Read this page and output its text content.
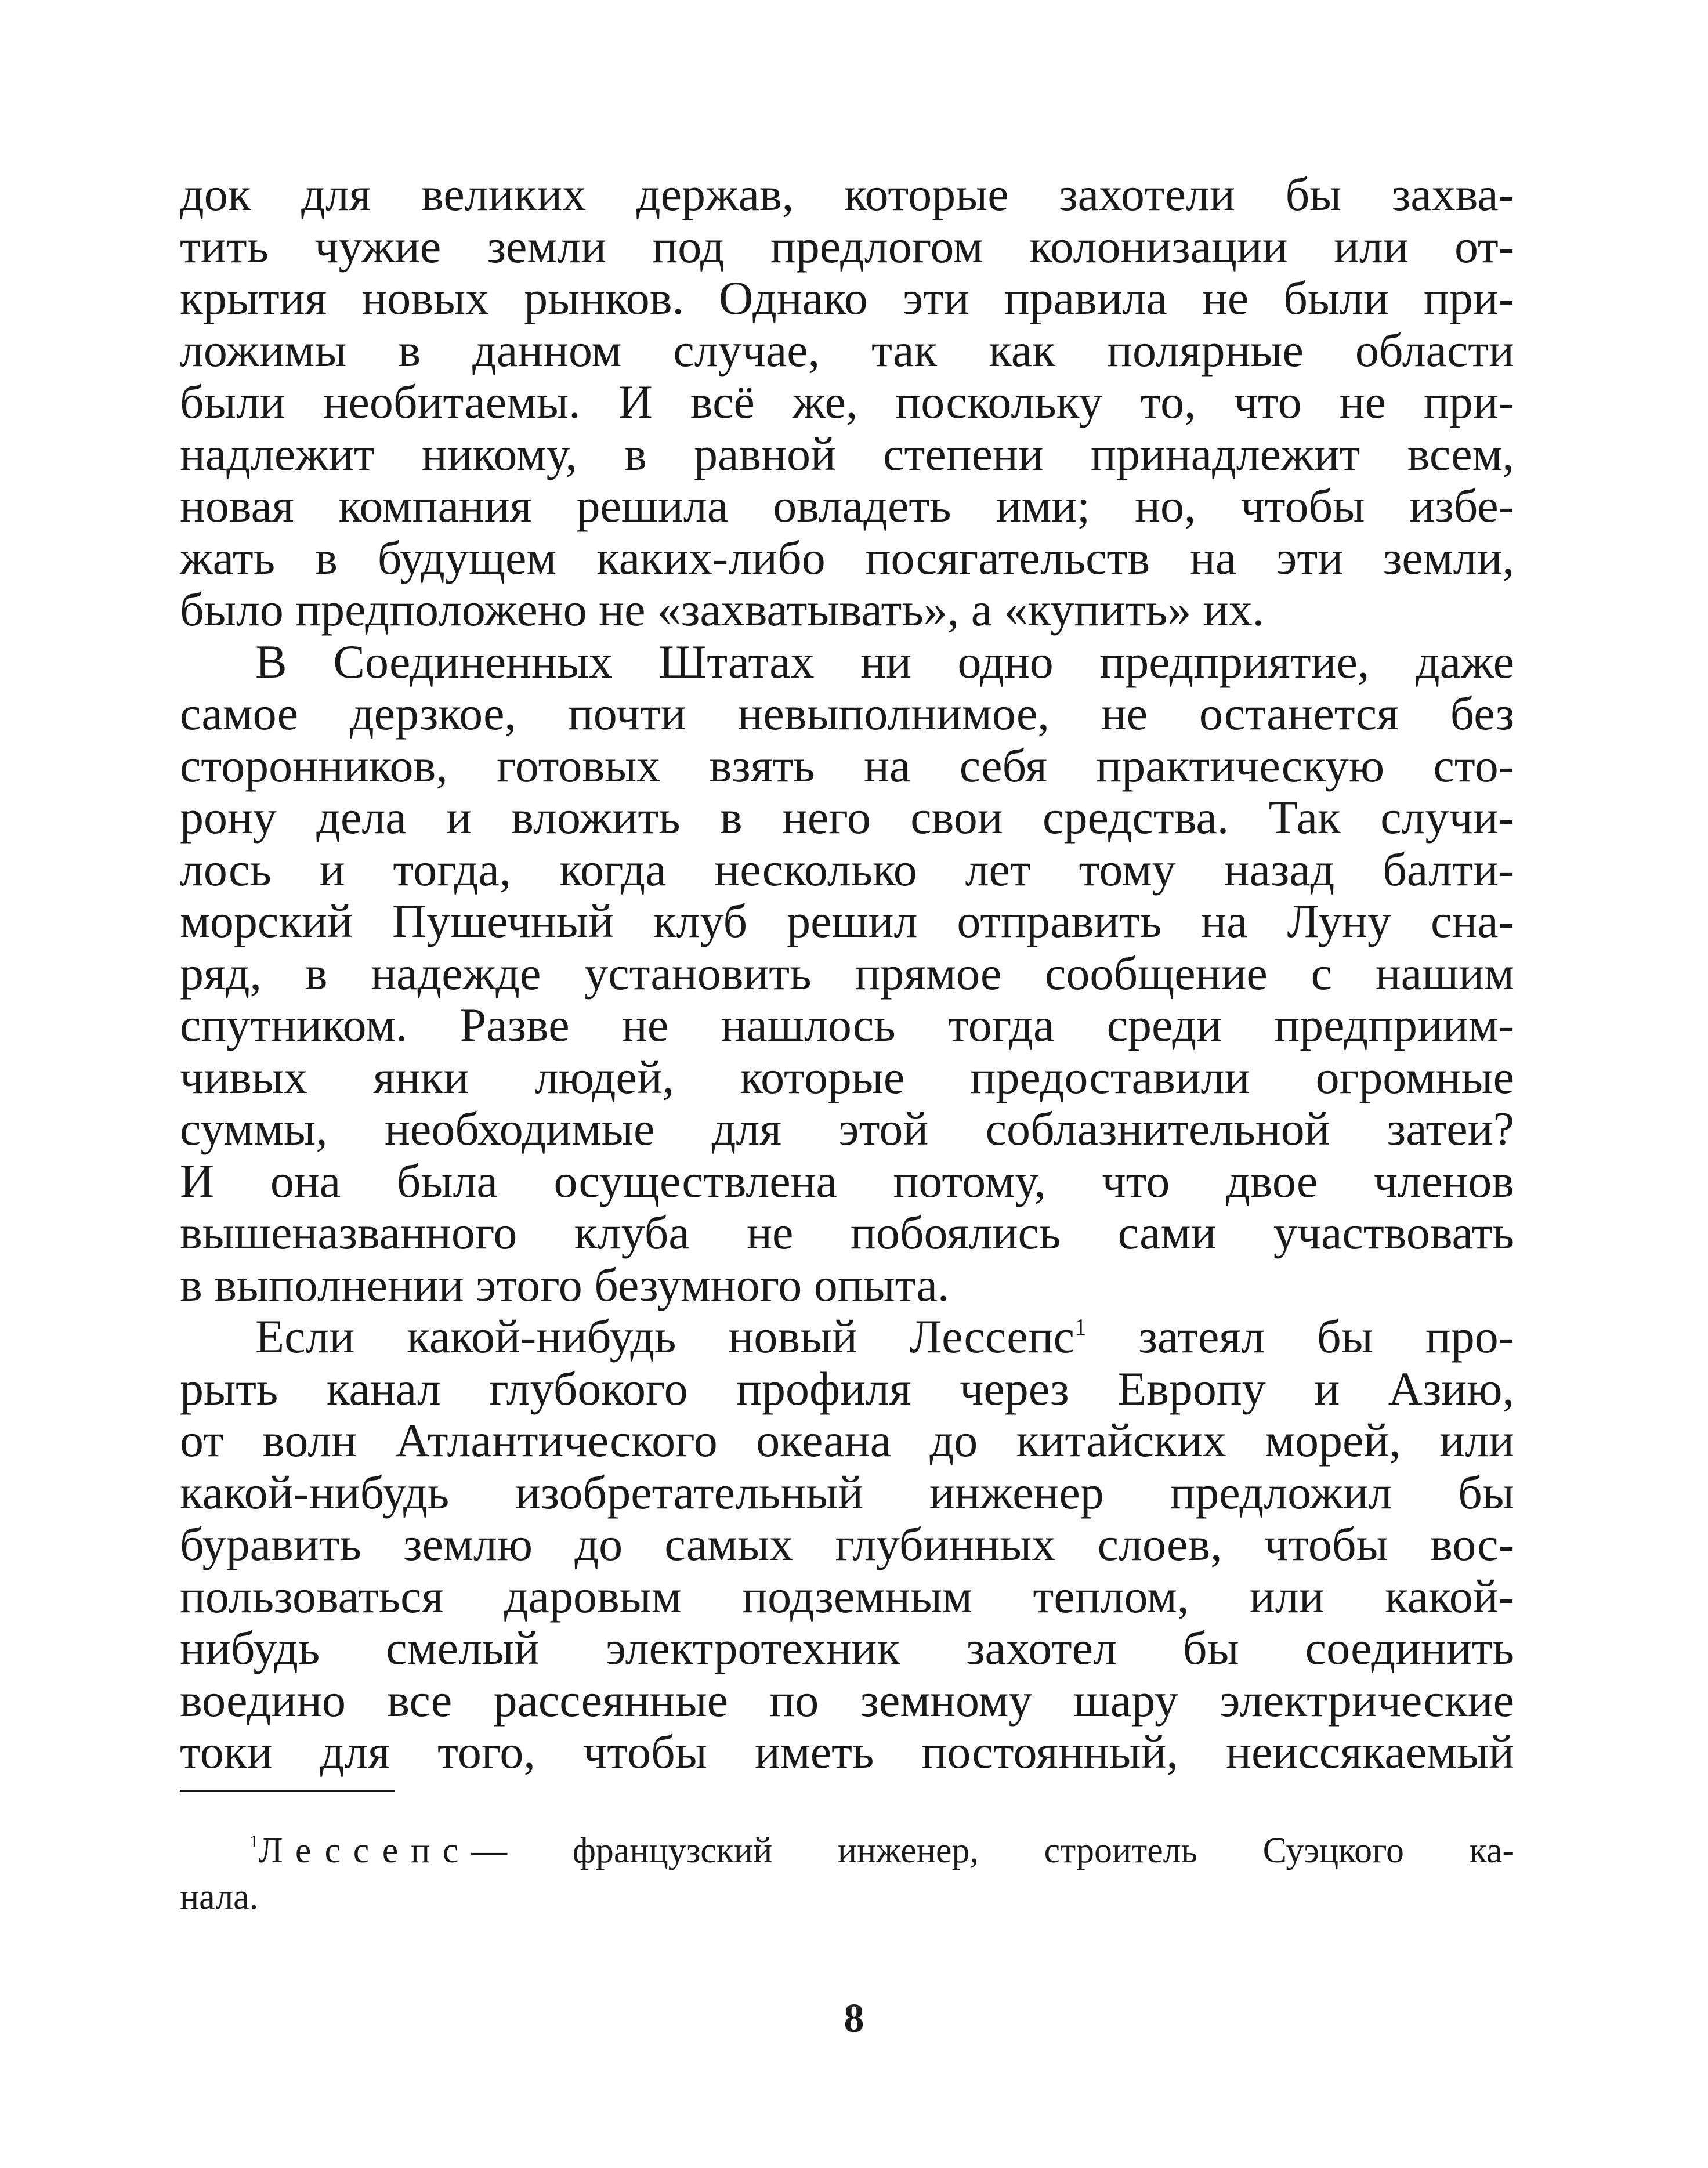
док для великих держав, которые захотели бы захва-
тить чужие земли под предлогом колонизации или от-
крытия новых рынков. Однако эти правила не были при-
ложимы в данном случае, так как полярные области
были необитаемы. И всё же, поскольку то, что не при-
надлежит никому, в равной степени принадлежит всем,
новая компания решила овладеть ими; но, чтобы избе-
жать в будущем каких-либо посягательств на эти земли,
было предположено не «захватывать», а «купить» их.
В Соединенных Штатах ни одно предприятие, даже
самое дерзкое, почти невыполнимое, не останется без
сторонников, готовых взять на себя практическую сто-
рону дела и вложить в него свои средства. Так случи-
лось и тогда, когда несколько лет тому назад балти-
морский Пушечный клуб решил отправить на Луну сна-
ряд, в надежде установить прямое сообщение с нашим
спутником. Разве не нашлось тогда среди предприим-
чивых янки людей, которые предоставили огромные
суммы, необходимые для этой соблазнительной затеи?
И она была осуществлена потому, что двое членов
вышеназванного клуба не побоялись сами участвовать
в выполнении этого безумного опыта.
Если какой-нибудь новый Лессепс$^1$ затеял бы про-
рыть канал глубокого профиля через Европу и Азию,
от волн Атлантического океана до китайских морей, или
какой-нибудь изобретательный инженер предложил бы
буравить землю до самых глубинных слоев, чтобы вос-
пользоваться даровым подземным теплом, или какой-
нибудь смелый электротехник захотел бы соединить
воедино все рассеянные по земному шару электрические
токи для того, чтобы иметь постоянный, неиссякаемый
$^1$Лессепс— французский инженер, строитель Суэцкого ка-
нала.
8
